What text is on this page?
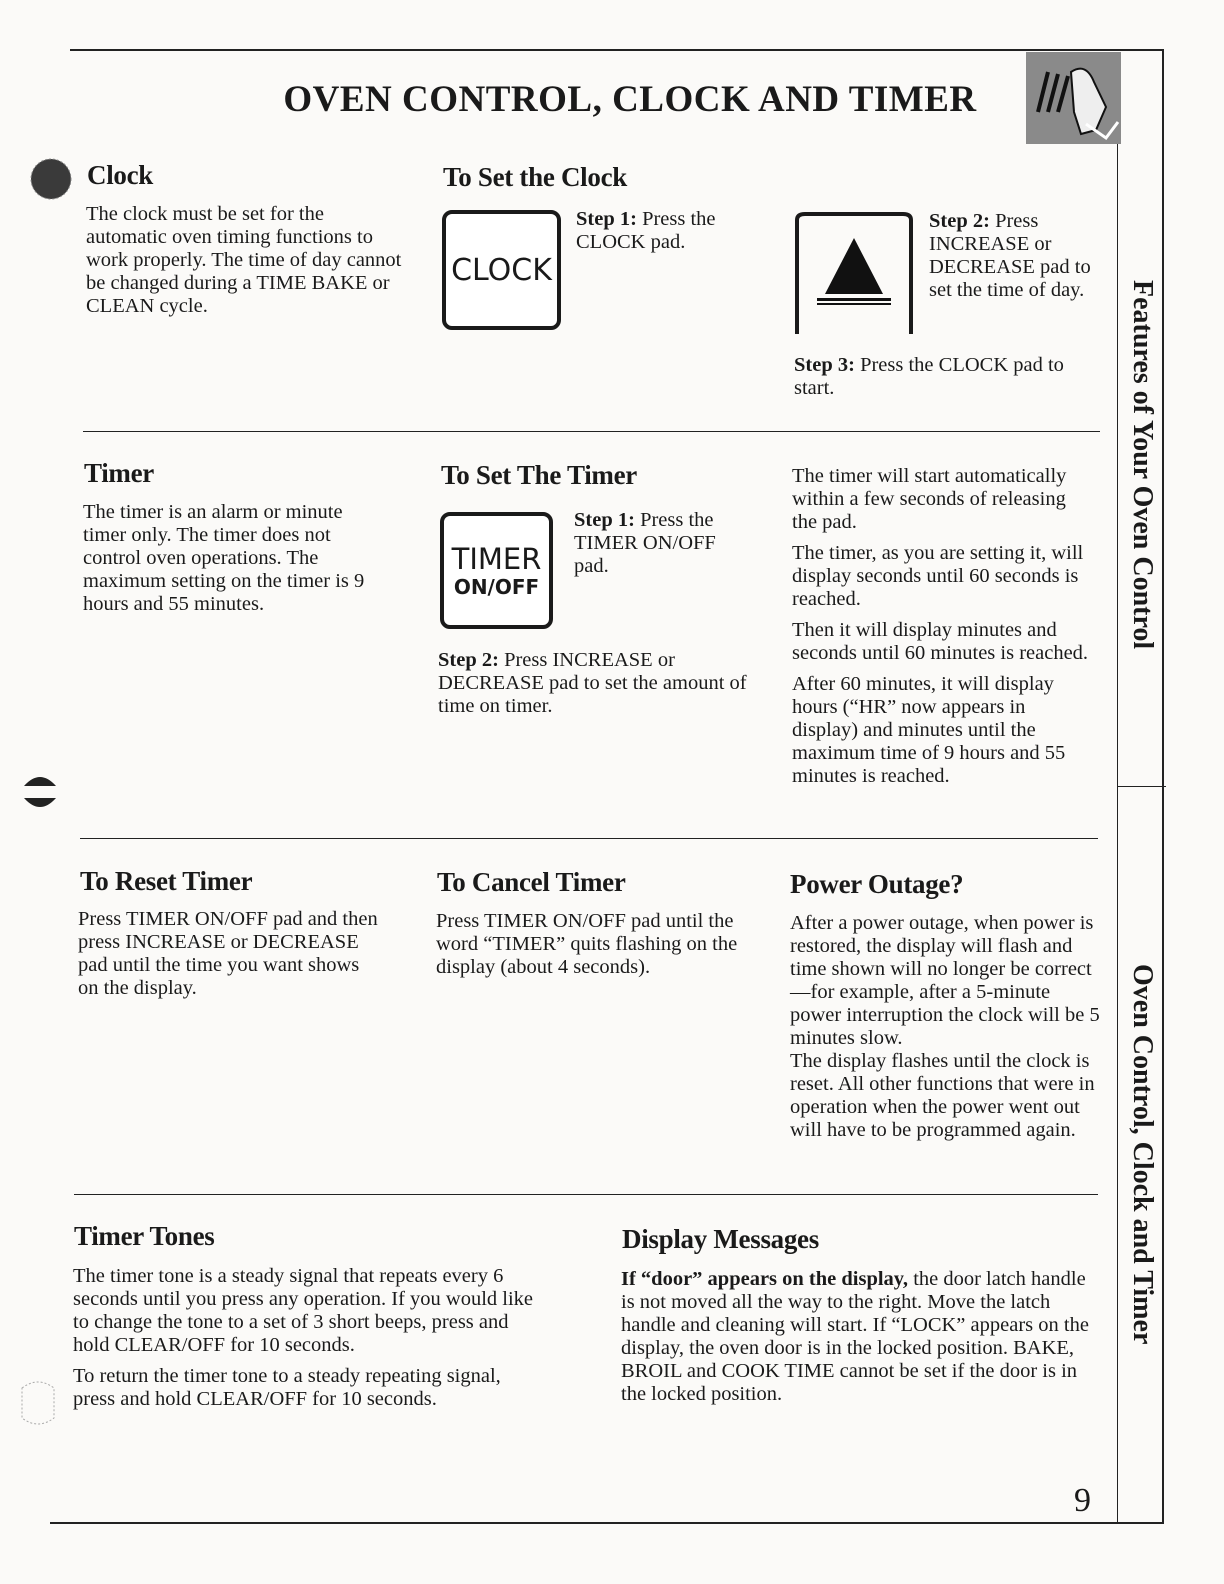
OVEN CONTROL, CLOCK AND TIMER
Features of Your Oven Control
Oven Control, Clock and Timer
Clock

The clock must be set for the automatic oven timing functions to work properly. The time of day cannot be changed during a TIME BAKE or CLEAN cycle.

To Set the Clock
CLOCK
Step 1: Press the CLOCK pad.
Step 2: Press INCREASE or DECREASE pad to set the time of day.
Step 3: Press the CLOCK pad to start.
Timer

The timer is an alarm or minute timer only. The timer does not control oven operations. The maximum setting on the timer is 9 hours and 55 minutes.

To Set The Timer
TIMER
ON/OFF
Step 1: Press the TIMER ON/OFF pad.
Step 2: Press INCREASE or DECREASE pad to set the amount of time on timer.

The timer will start automatically within a few seconds of releasing the pad.

The timer, as you are setting it, will display seconds until 60 seconds is reached.

Then it will display minutes and seconds until 60 minutes is reached.

After 60 minutes, it will display hours (“HR” now appears in display) and minutes until the maximum time of 9 hours and 55 minutes is reached.

To Reset Timer

Press TIMER ON/OFF pad and then press INCREASE or DECREASE pad until the time you want shows on the display.

To Cancel Timer

Press TIMER ON/OFF pad until the word “TIMER” quits flashing on the display (about 4 seconds).

Power Outage?

After a power outage, when power is restored, the display will flash and time shown will no longer be correct—for example, after a 5-minute power interruption the clock will be 5 minutes slow.

The display flashes until the clock is reset. All other functions that were in operation when the power went out will have to be programmed again.

Timer Tones

The timer tone is a steady signal that repeats every 6 seconds until you press any operation. If you would like to change the tone to a set of 3 short beeps, press and hold CLEAR/OFF for 10 seconds.

To return the timer tone to a steady repeating signal, press and hold CLEAR/OFF for 10 seconds.

Display Messages
If “door” appears on the display, the door latch handle is not moved all the way to the right. Move the latch handle and cleaning will start. If “LOCK” appears on the display, the oven door is in the locked position. BAKE, BROIL and COOK TIME cannot be set if the door is in the locked position.
9
